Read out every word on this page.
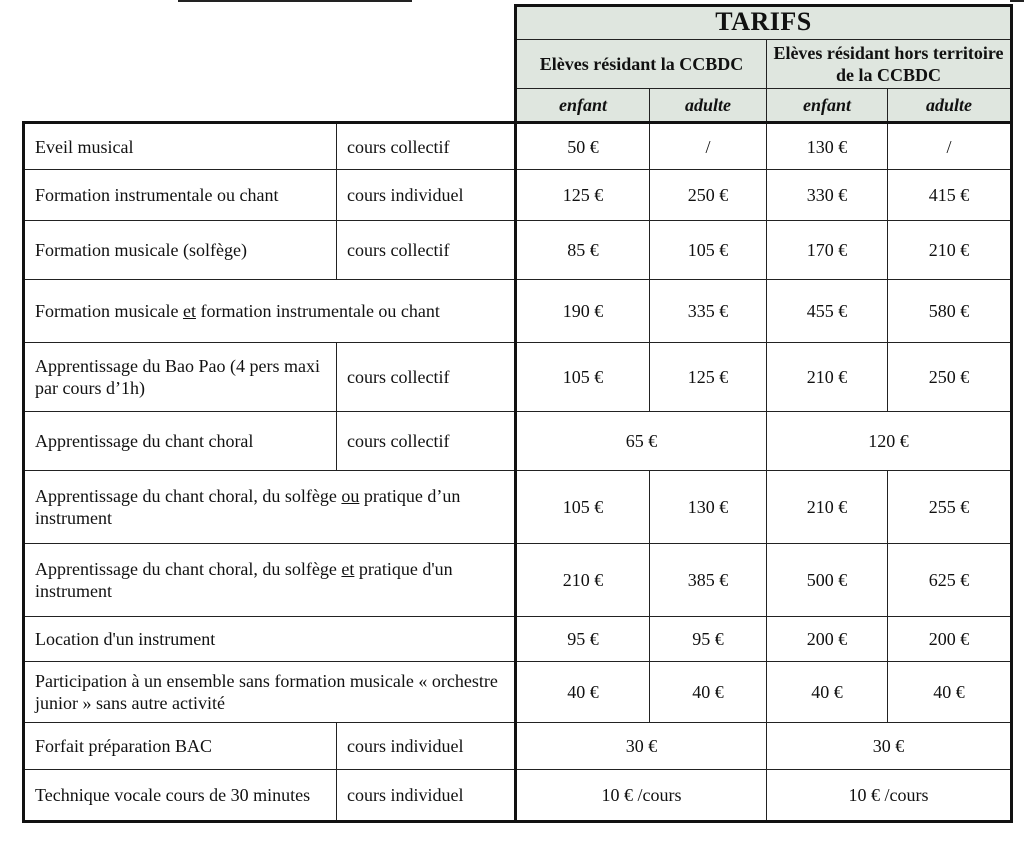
		TARIFS			
		Elèves résidant la CCBDC		Elèves résidant hors territoire de la CCBDC	
		enfant	adulte	enfant	adulte
Eveil musical	cours collectif	50 €	/	130 €	/
Formation instrumentale ou chant	cours individuel	125 €	250 €	330 €	415 €
Formation musicale (solfège)	cours collectif	85 €	105 €	170 €	210 €
Formation musicale et formation instrumentale ou chant		190 €	335 €	455 €	580 €
Apprentissage du Bao Pao (4 pers maxi par cours d’1h)	cours collectif	105 €	125 €	210 €	250 €
Apprentissage du chant choral	cours collectif	65 €		120 €	
Apprentissage du chant choral, du solfège ou pratique d’un instrument		105 €	130 €	210 €	255 €
Apprentissage du chant choral, du solfège et pratique d'un instrument		210 €	385 €	500 €	625 €
Location d'un instrument		95 €	95 €	200 €	200 €
Participation à un ensemble sans formation musicale « orchestre junior » sans autre activité		40 €	40 €	40 €	40 €
Forfait préparation BAC	cours individuel	30 €		30 €	
Technique vocale cours de 30 minutes	cours individuel	10 € /cours		10 € /cours	
